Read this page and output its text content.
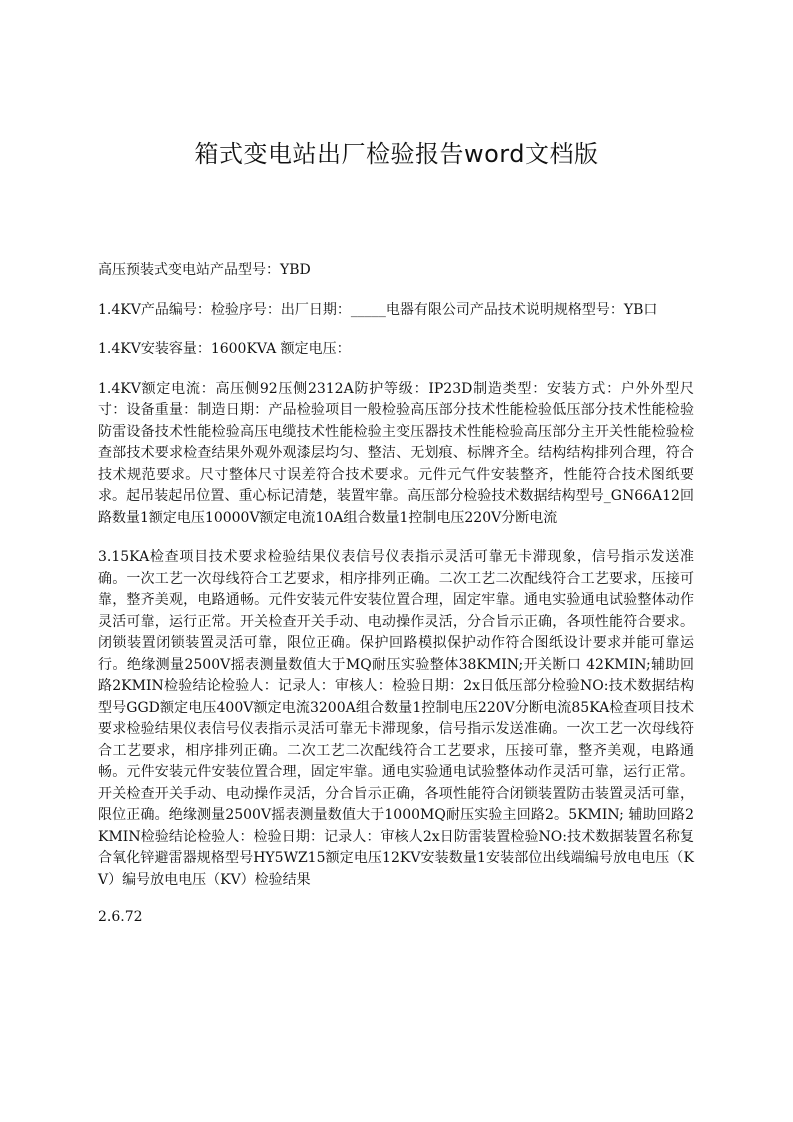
箱式变电站出厂检验报告word文档版

高压预装式变电站产品型号：YBD

1.4KV产品编号：检验序号：出厂日期：_____电器有限公司产品技术说明规格型号：YB口

1.4KV安装容量：1600KVA 额定电压：

1.4KV额定电流：高压侧92压侧2312A防护等级：IP23D制造类型：安装方式：户外外型尺寸：设备重量：制造日期：产品检验项目一般检验高压部分技术性能检验低压部分技术性能检验防雷设备技术性能检验高压电缆技术性能检验主变压器技术性能检验高压部分主开关性能检验检查部技术要求检查结果外观外观漆层均匀、整洁、无划痕、标牌齐全。结构结构排列合理，符合技术规范要求。尺寸整体尺寸误差符合技术要求。元件元气件安装整齐，性能符合技术图纸要求。起吊装起吊位置、重心标记清楚，装置牢靠。高压部分检验技术数据结构型号_GN66A12回路数量1额定电压10000V额定电流10A组合数量1控制电压220V分断电流

3.15KA检查项目技术要求检验结果仪表信号仪表指示灵活可靠无卡滞现象，信号指示发送准确。一次工艺一次母线符合工艺要求，相序排列正确。二次工艺二次配线符合工艺要求，压接可靠，整齐美观，电路通畅。元件安装元件安装位置合理，固定牢靠。通电实验通电试验整体动作灵活可靠，运行正常。开关检查开关手动、电动操作灵活，分合旨示正确，各项性能符合要求。闭锁装置闭锁装置灵活可靠，限位正确。保护回路模拟保护动作符合图纸设计要求并能可靠运行。绝缘测量2500V摇表测量数值大于MQ耐压实验整体38KMIN;开关断口 42KMIN;辅助回路2KMIN检验结论检验人：记录人：审核人：检验日期：2x日低压部分检验NO:技术数据结构型号GGD额定电压400V额定电流3200A组合数量1控制电压220V分断电流85KA检查项目技术要求检验结果仪表信号仪表指示灵活可靠无卡滞现象，信号指示发送准确。一次工艺一次母线符合工艺要求，相序排列正确。二次工艺二次配线符合工艺要求，压接可靠，整齐美观，电路通畅。元件安装元件安装位置合理，固定牢靠。通电实验通电试验整体动作灵活可靠，运行正常。开关检查开关手动、电动操作灵活，分合旨示正确，各项性能符合闭锁装置防击装置灵活可靠，限位正确。绝缘测量2500V摇表测量数值大于1000MQ耐压实验主回路2。5KMIN; 辅助回路2KMIN检验结论检验人：检验日期：记录人：审核人2x日防雷装置检验NO:技术数据装置名称复合氧化锌避雷器规格型号HY5WZ15额定电压12KV安装数量1安装部位出线端编号放电电压（KV）编号放电电压（KV）检验结果

2.6.72
